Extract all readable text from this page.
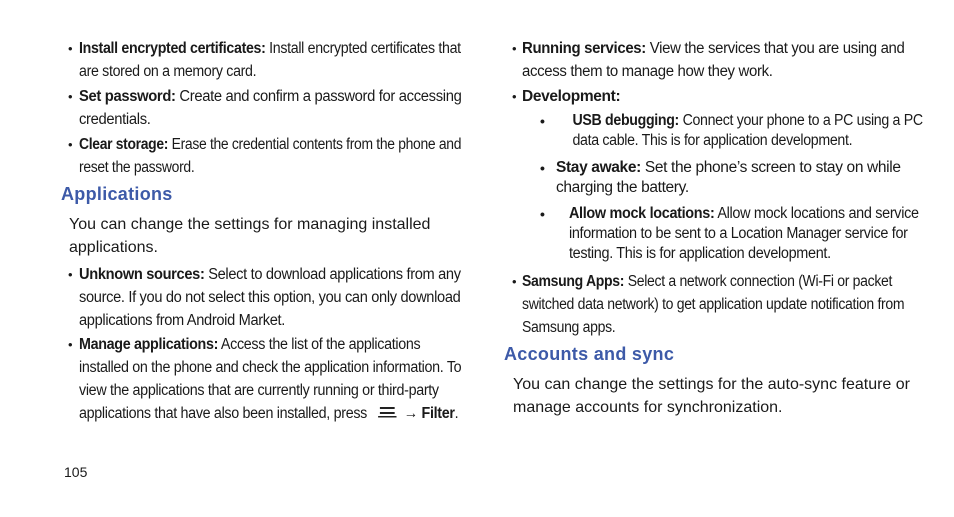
• Install encrypted certificates: Install encrypted certificates that
are stored on a memory card.
• Set password: Create and confirm a password for accessing
credentials.
• Clear storage: Erase the credential contents from the phone and
reset the password.
Applications
You can change the settings for managing installed
applications.
• Unknown sources: Select to download applications from any
source. If you do not select this option, you can only download
applications from Android Market.
• Manage applications: Access the list of the applications
installed on the phone and check the application information. To
view the applications that are currently running or third-party
applications that have also been installed, press → Filter.
105
• Running services: View the services that you are using and
access them to manage how they work.
• Development:
• USB debugging: Connect your phone to a PC using a PC
data cable. This is for application development.
• Stay awake: Set the phone’s screen to stay on while
charging the battery.
• Allow mock locations: Allow mock locations and service
information to be sent to a Location Manager service for
testing. This is for application development.
• Samsung Apps: Select a network connection (Wi-Fi or packet
switched data network) to get application update notification from
Samsung apps.
Accounts and sync
You can change the settings for the auto-sync feature or
manage accounts for synchronization.
